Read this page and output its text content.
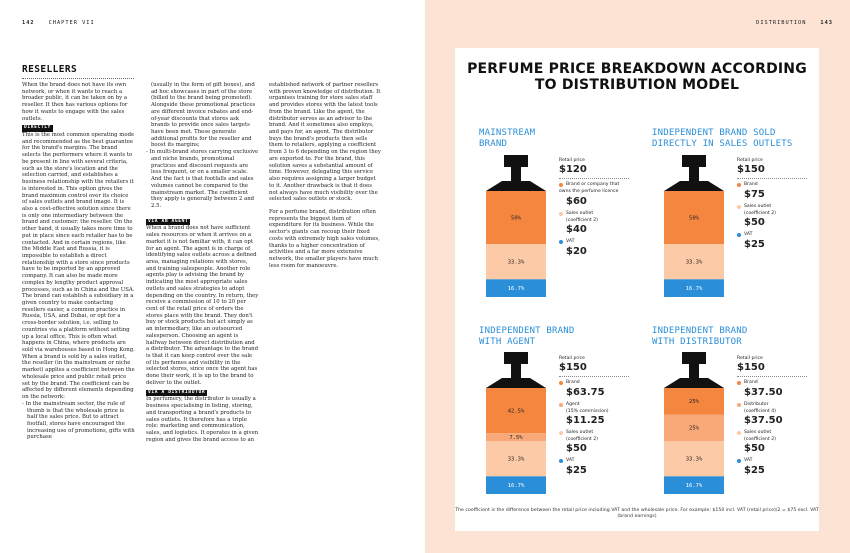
142	CHAPTER VII
RESELLERS

When the brand does not have its own network, or when it wants to reach a broader public, it can be taken on by a reseller. It then has various options for how it wants to engage with the sales outlets.

DIRECTLY

This is the most common operating mode and recommended as the best guarantee for the brand's margins. The brand selects the performers where it wants to be present in line with several criteria, such as the store's location and the selection carried, and establishes a business relationship with the retailers it is interested in. This option gives the brand maximum control over its choice of sales outlets and brand image. It is also a cost-effective solution since there is only one intermediary between the brand and customer: the reseller. On the other hand, it usually takes more time to put in place since each retailer has to be contacted. And in certain regions, like the Middle East and Russia, it is impossible to establish a direct relationship with a store since products have to be imported by an approved company. It can also be made more complex by lengthy product approval processes, such as in China and the USA. The brand can establish a subsidiary in a given country to make contacting resellers easier, a common practice in Russia, USA, and Dubai, or opt for a cross-border solution, i.e. selling to countries via a platform without setting up a local office. This is often what happens in China, where products are sold via warehouses based in Hong Kong. When a brand is sold by a sales outlet, the reseller (in the mainstream or niche market) applies a coefficient between the wholesale price and public retail price set by the brand. The coefficient can be affected by different elements depending on the network:

- In the mainstream sector, the rule of thumb is that the wholesale price is half the sales price. But to attract footfall, stores have encouraged the increasing use of promotions, gifts with purchase

(usually in the form of gift boxes), and ad hoc showcases in part of the store (billed to the brand being promoted). Alongside these promotional practices are different invoice rebates and end-of-year discounts that stores ask brands to provide once sales targets have been met. These generate additional profits for the reseller and boost its margins;

- In multi-brand stores carrying exclusive and niche brands, promotional practices and discount requests are less frequent, or on a smaller scale. And the fact is that footfalls and sales volumes cannot be compared to the mainstream market. The coefficient they apply is generally between 2 and 2.5.
VIA AN AGENT

When a brand does not have sufficient sales resources or when it arrives on a market it is not familiar with, it can opt for an agent. The agent is in charge of identifying sales outlets across a defined area, managing relations with stores, and training salespeople. Another role agents play is advising the brand by indicating the most appropriate sales outlets and sales strategies to adopt depending on the country. In return, they receive a commission of 10 to 20 per cent of the retail price of orders the stores place with the brand. They don't buy or stock products but act simply as an intermediary, like an outsourced salesperson. Choosing an agent is halfway between direct distribution and a distributor. The advantage to the brand is that it can keep control over the sale of its perfumes and visibility in the selected stores, since once the agent has done their work, it is up to the brand to deliver to the outlet.

VIA A DISTRIBUTOR

In perfumery, the distributor is usually a business specialising in listing, storing, and transporting a brand's products to sales outlets. It therefore has a triple role: marketing and communication, sales, and logistics. It operates in a given region and gives the brand access to an

established network of partner resellers with proven knowledge of distribution. It organises training for store sales staff and provides stores with the latest tools from the brand. Like the agent, the distributor serves as an advisor to the brand. And it sometimes also employs, and pays for, an agent. The distributor buys the brand's products then sells them to retailers, applying a coefficient from 3 to 6 depending on the region they are exported to. For the brand, this solution saves a substantial amount of time. However, delegating this service also requires assigning a larger budget to it. Another drawback is that it does not always have much visibility over the selected sales outlets or stock.

For a perfume brand, distribution often represents the biggest item of expenditure for its business. While the sector's giants can recoup their fixed costs with extremely high sales volumes, thanks to a higher concentration of activities and a far more extensive network, the smaller players have much less room for manoeuvre.

DISTRIBUTION	143
PERFUME PRICE BREAKDOWN ACCORDING TO DISTRIBUTION MODEL
The coefficient is the difference between the retail price including VAT and the wholesale price. For example: $150 incl. VAT (retail price)/2 = $75 excl. VAT (brand earnings)
MAINSTREAM
BRAND
50%
33.3%
16.7%
Retail price
$120
Brand or company that owns the perfume licence
$60
Sales outlet
(coefficient 2)
$40
VAT
$20
INDEPENDENT BRAND SOLD
DIRECTLY IN SALES OUTLETS
50%
33.3%
16.7%
Retail price
$150
Brand
$75
Sales outlet
(coefficient 2)
$50
VAT
$25
INDEPENDENT BRAND
WITH AGENT
42.5%
7.5%
33.3%
16.7%
Retail price
$150
Brand
$63.75
Agent
(15% commission)
$11.25
Sales outlet
(coefficient 2)
$50
VAT
$25
INDEPENDENT BRAND
WITH DISTRIBUTOR
25%
25%
33.3%
16.7%
Retail price
$150
Brand
$37.50
Distributor
(coefficient 4)
$37.50
Sales outlet
(coefficient 2)
$50
VAT
$25
